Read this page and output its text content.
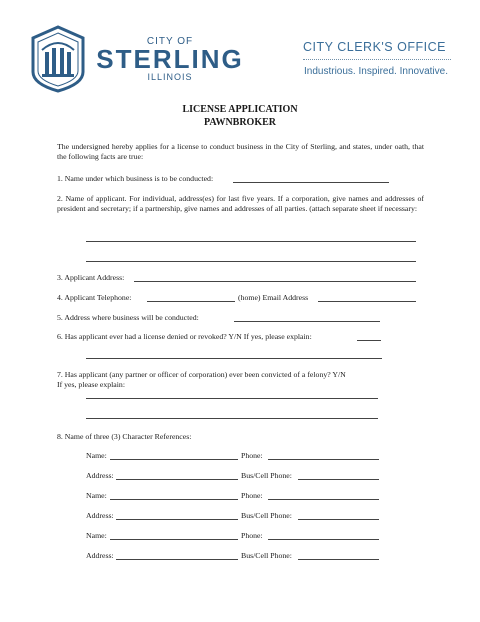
CITY OF
STERLING
ILLINOIS
CITY CLERK'S OFFICE
Industrious. Inspired. Innovative.
LICENSE APPLICATION
PAWNBROKER
The undersigned hereby applies for a license to conduct business in the City of Sterling, and states, under oath, that the following facts are true:
1. Name under which business is to be conducted:
2. Name of applicant. For individual, address(es) for last five years. If a corporation, give names and addresses of president and secretary; if a partnership, give names and addresses of all parties. (attach separate sheet if necessary:
3. Applicant Address:
4. Applicant Telephone:	(home) Email Address
5. Address where business will be conducted:
6. Has applicant ever had a license denied or revoked? Y/N If yes, please explain:
7. Has applicant (any partner or officer of corporation) ever been convicted of a felony? Y/N
If yes, please explain:
8. Name of three (3) Character References:
Name:	Phone:
Address:	Bus/Cell Phone:
Name:	Phone:
Address:	Bus/Cell Phone:
Name:	Phone:
Address:	Bus/Cell Phone:
